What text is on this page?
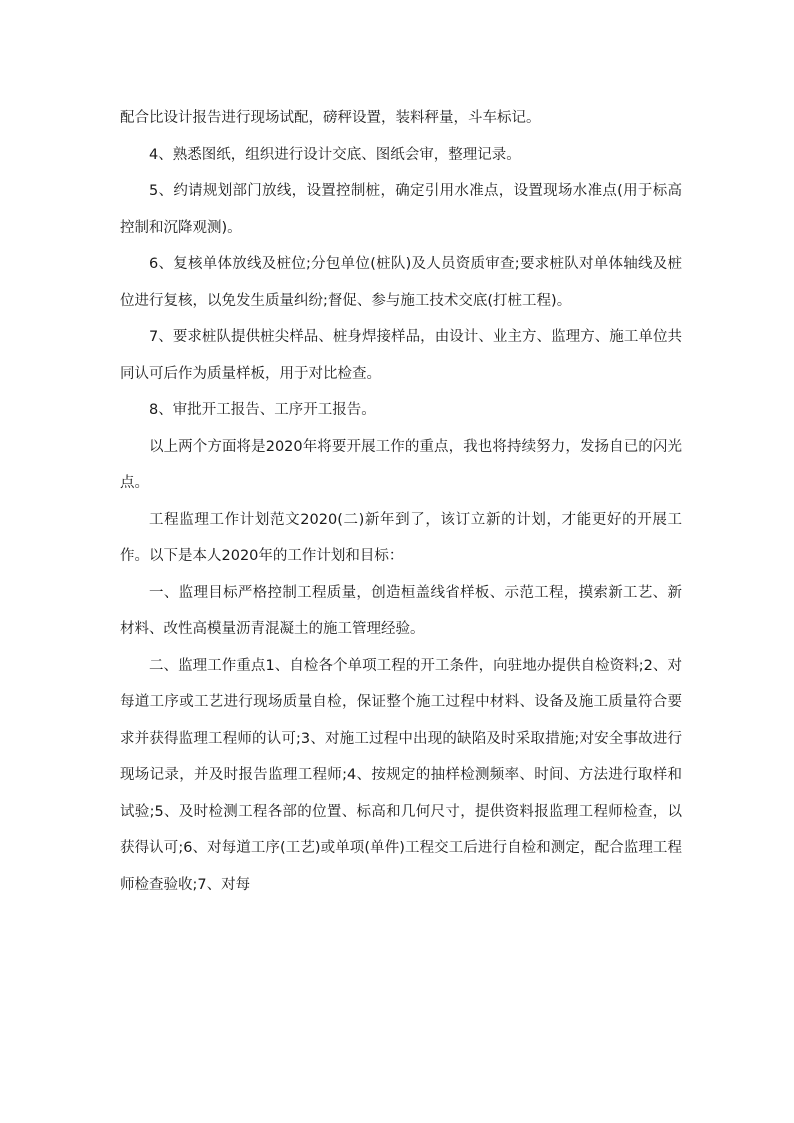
配合比设计报告进行现场试配，磅秤设置，装料秤量，斗车标记。

4、熟悉图纸，组织进行设计交底、图纸会审，整理记录。

5、约请规划部门放线，设置控制桩，确定引用水准点，设置现场水准点(用于标高控制和沉降观测)。

6、复核单体放线及桩位;分包单位(桩队)及人员资质审查;要求桩队对单体轴线及桩位进行复核，以免发生质量纠纷;督促、参与施工技术交底(打桩工程)。

7、要求桩队提供桩尖样品、桩身焊接样品，由设计、业主方、监理方、施工单位共同认可后作为质量样板，用于对比检查。

8、审批开工报告、工序开工报告。

以上两个方面将是2020年将要开展工作的重点，我也将持续努力，发扬自已的闪光点。

工程监理工作计划范文2020(二)新年到了，该订立新的计划，才能更好的开展工作。以下是本人2020年的工作计划和目标：

一、监理目标严格控制工程质量，创造桓盖线省样板、示范工程，摸索新工艺、新材料、改性高模量沥青混凝土的施工管理经验。

二、监理工作重点1、自检各个单项工程的开工条件，向驻地办提供自检资料;2、对每道工序或工艺进行现场质量自检，保证整个施工过程中材料、设备及施工质量符合要求并获得监理工程师的认可;3、对施工过程中出现的缺陷及时采取措施;对安全事故进行现场记录，并及时报告监理工程师;4、按规定的抽样检测频率、时间、方法进行取样和试验;5、及时检测工程各部的位置、标高和几何尺寸，提供资料报监理工程师检查，以获得认可;6、对每道工序(工艺)或单项(单件)工程交工后进行自检和测定，配合监理工程师检查验收;7、对每
